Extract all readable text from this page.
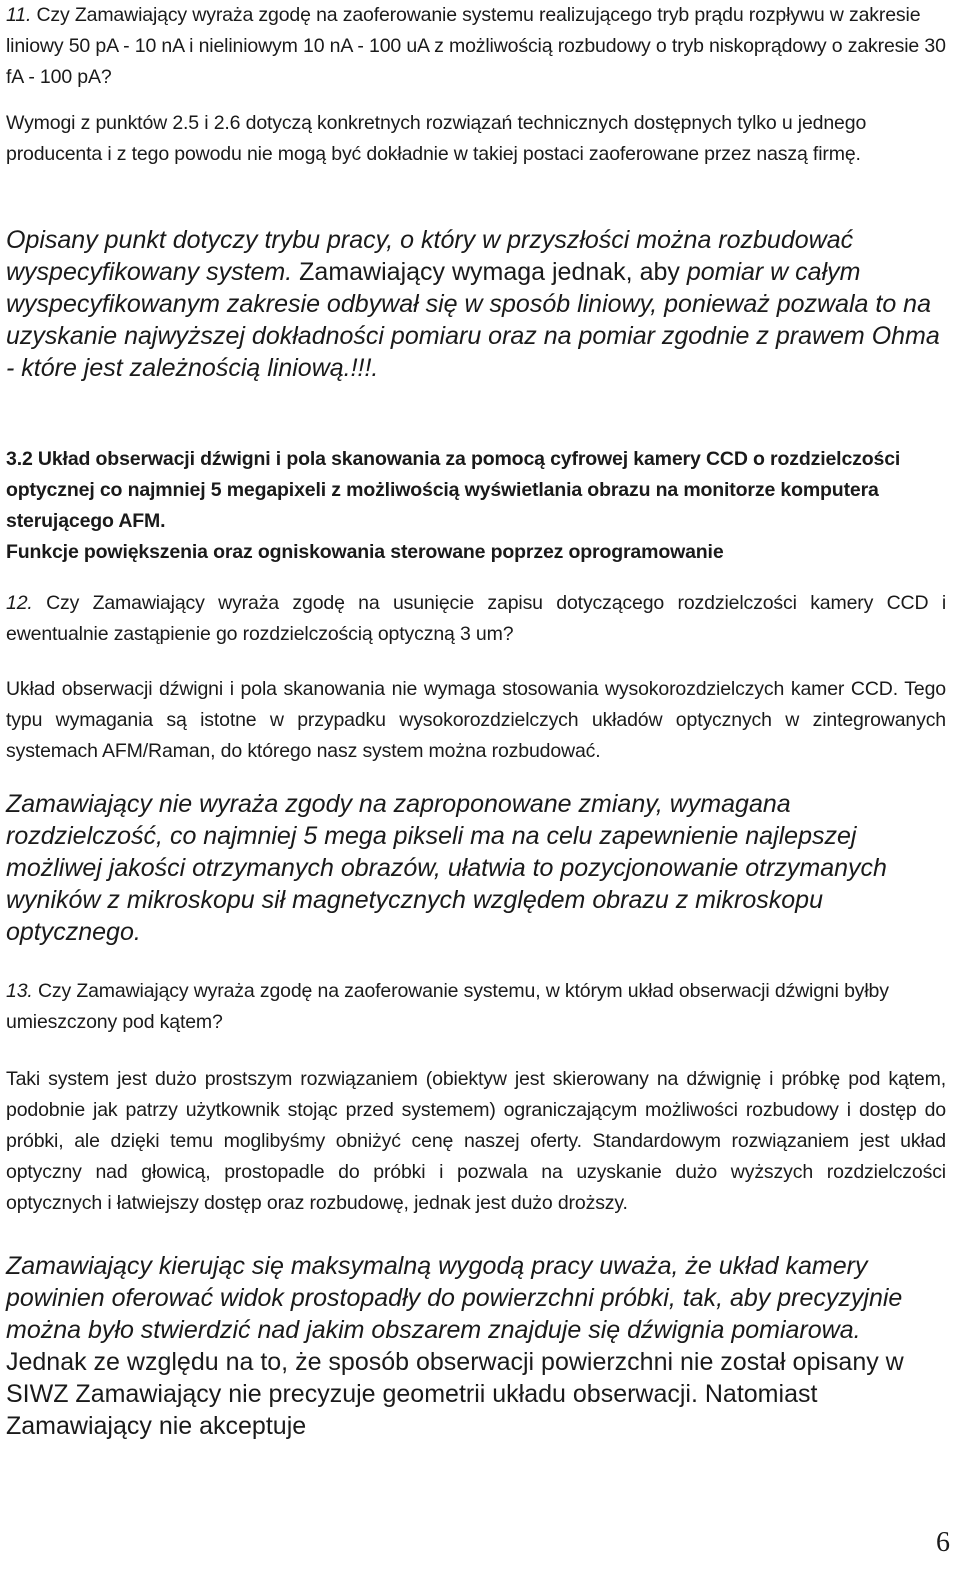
11. Czy Zamawiający wyraża zgodę na zaoferowanie systemu realizującego tryb prądu rozpływu w zakresie liniowy 50 pA - 10 nA i nieliniowym 10 nA - 100 uA z możliwością rozbudowy o tryb niskoprądowy o zakresie 30 fA - 100 pA?

Wymogi z punktów 2.5 i 2.6 dotyczą konkretnych rozwiązań technicznych dostępnych tylko u jednego producenta i z tego powodu nie mogą być dokładnie w takiej postaci zaoferowane przez naszą firmę.

Opisany punkt dotyczy trybu pracy, o który w przyszłości można rozbudować wyspecyfikowany system. Zamawiający wymaga jednak, aby pomiar w całym wyspecyfikowanym zakresie odbywał się w sposób liniowy, ponieważ pozwala to na uzyskanie najwyższej dokładności pomiaru oraz na pomiar zgodnie z prawem Ohma - które jest zależnością liniową.!!!.

3.2 Układ obserwacji dźwigni i pola skanowania za pomocą cyfrowej kamery CCD o rozdzielczości optycznej co najmniej 5 megapixeli z możliwością wyświetlania obrazu na monitorze komputera sterującego AFM.
Funkcje powiększenia oraz ogniskowania sterowane poprzez oprogramowanie

12. Czy Zamawiający wyraża zgodę na usunięcie zapisu dotyczącego rozdzielczości kamery CCD i ewentualnie zastąpienie go rozdzielczością optyczną 3 um?

Układ obserwacji dźwigni i pola skanowania nie wymaga stosowania wysokorozdzielczych kamer CCD. Tego typu wymagania są istotne w przypadku wysokorozdzielczych układów optycznych w zintegrowanych systemach AFM/Raman, do którego nasz system można rozbudować.

Zamawiający nie wyraża zgody na zaproponowane zmiany, wymagana rozdzielczość, co najmniej 5 mega pikseli ma na celu zapewnienie najlepszej możliwej jakości otrzymanych obrazów, ułatwia to pozycjonowanie otrzymanych wyników z mikroskopu sił magnetycznych względem obrazu z mikroskopu optycznego.

13. Czy Zamawiający wyraża zgodę na zaoferowanie systemu, w którym układ obserwacji dźwigni byłby umieszczony pod kątem?

Taki system jest dużo prostszym rozwiązaniem (obiektyw jest skierowany na dźwignię i próbkę pod kątem, podobnie jak patrzy użytkownik stojąc przed systemem) ograniczającym możliwości rozbudowy i dostęp do próbki, ale dzięki temu moglibyśmy obniżyć cenę naszej oferty. Standardowym rozwiązaniem jest układ optyczny nad głowicą, prostopadle do próbki i pozwala na uzyskanie dużo wyższych rozdzielczości optycznych i łatwiejszy dostęp oraz rozbudowę, jednak jest dużo droższy.

Zamawiający kierując się maksymalną wygodą pracy uważa, że układ kamery powinien oferować widok prostopadły do powierzchni próbki, tak, aby precyzyjnie można było stwierdzić nad jakim obszarem znajduje się dźwignia pomiarowa. Jednak ze względu na to, że sposób obserwacji powierzchni nie został opisany w SIWZ Zamawiający nie precyzuje geometrii układu obserwacji. Natomiast Zamawiający nie akceptuje

6
